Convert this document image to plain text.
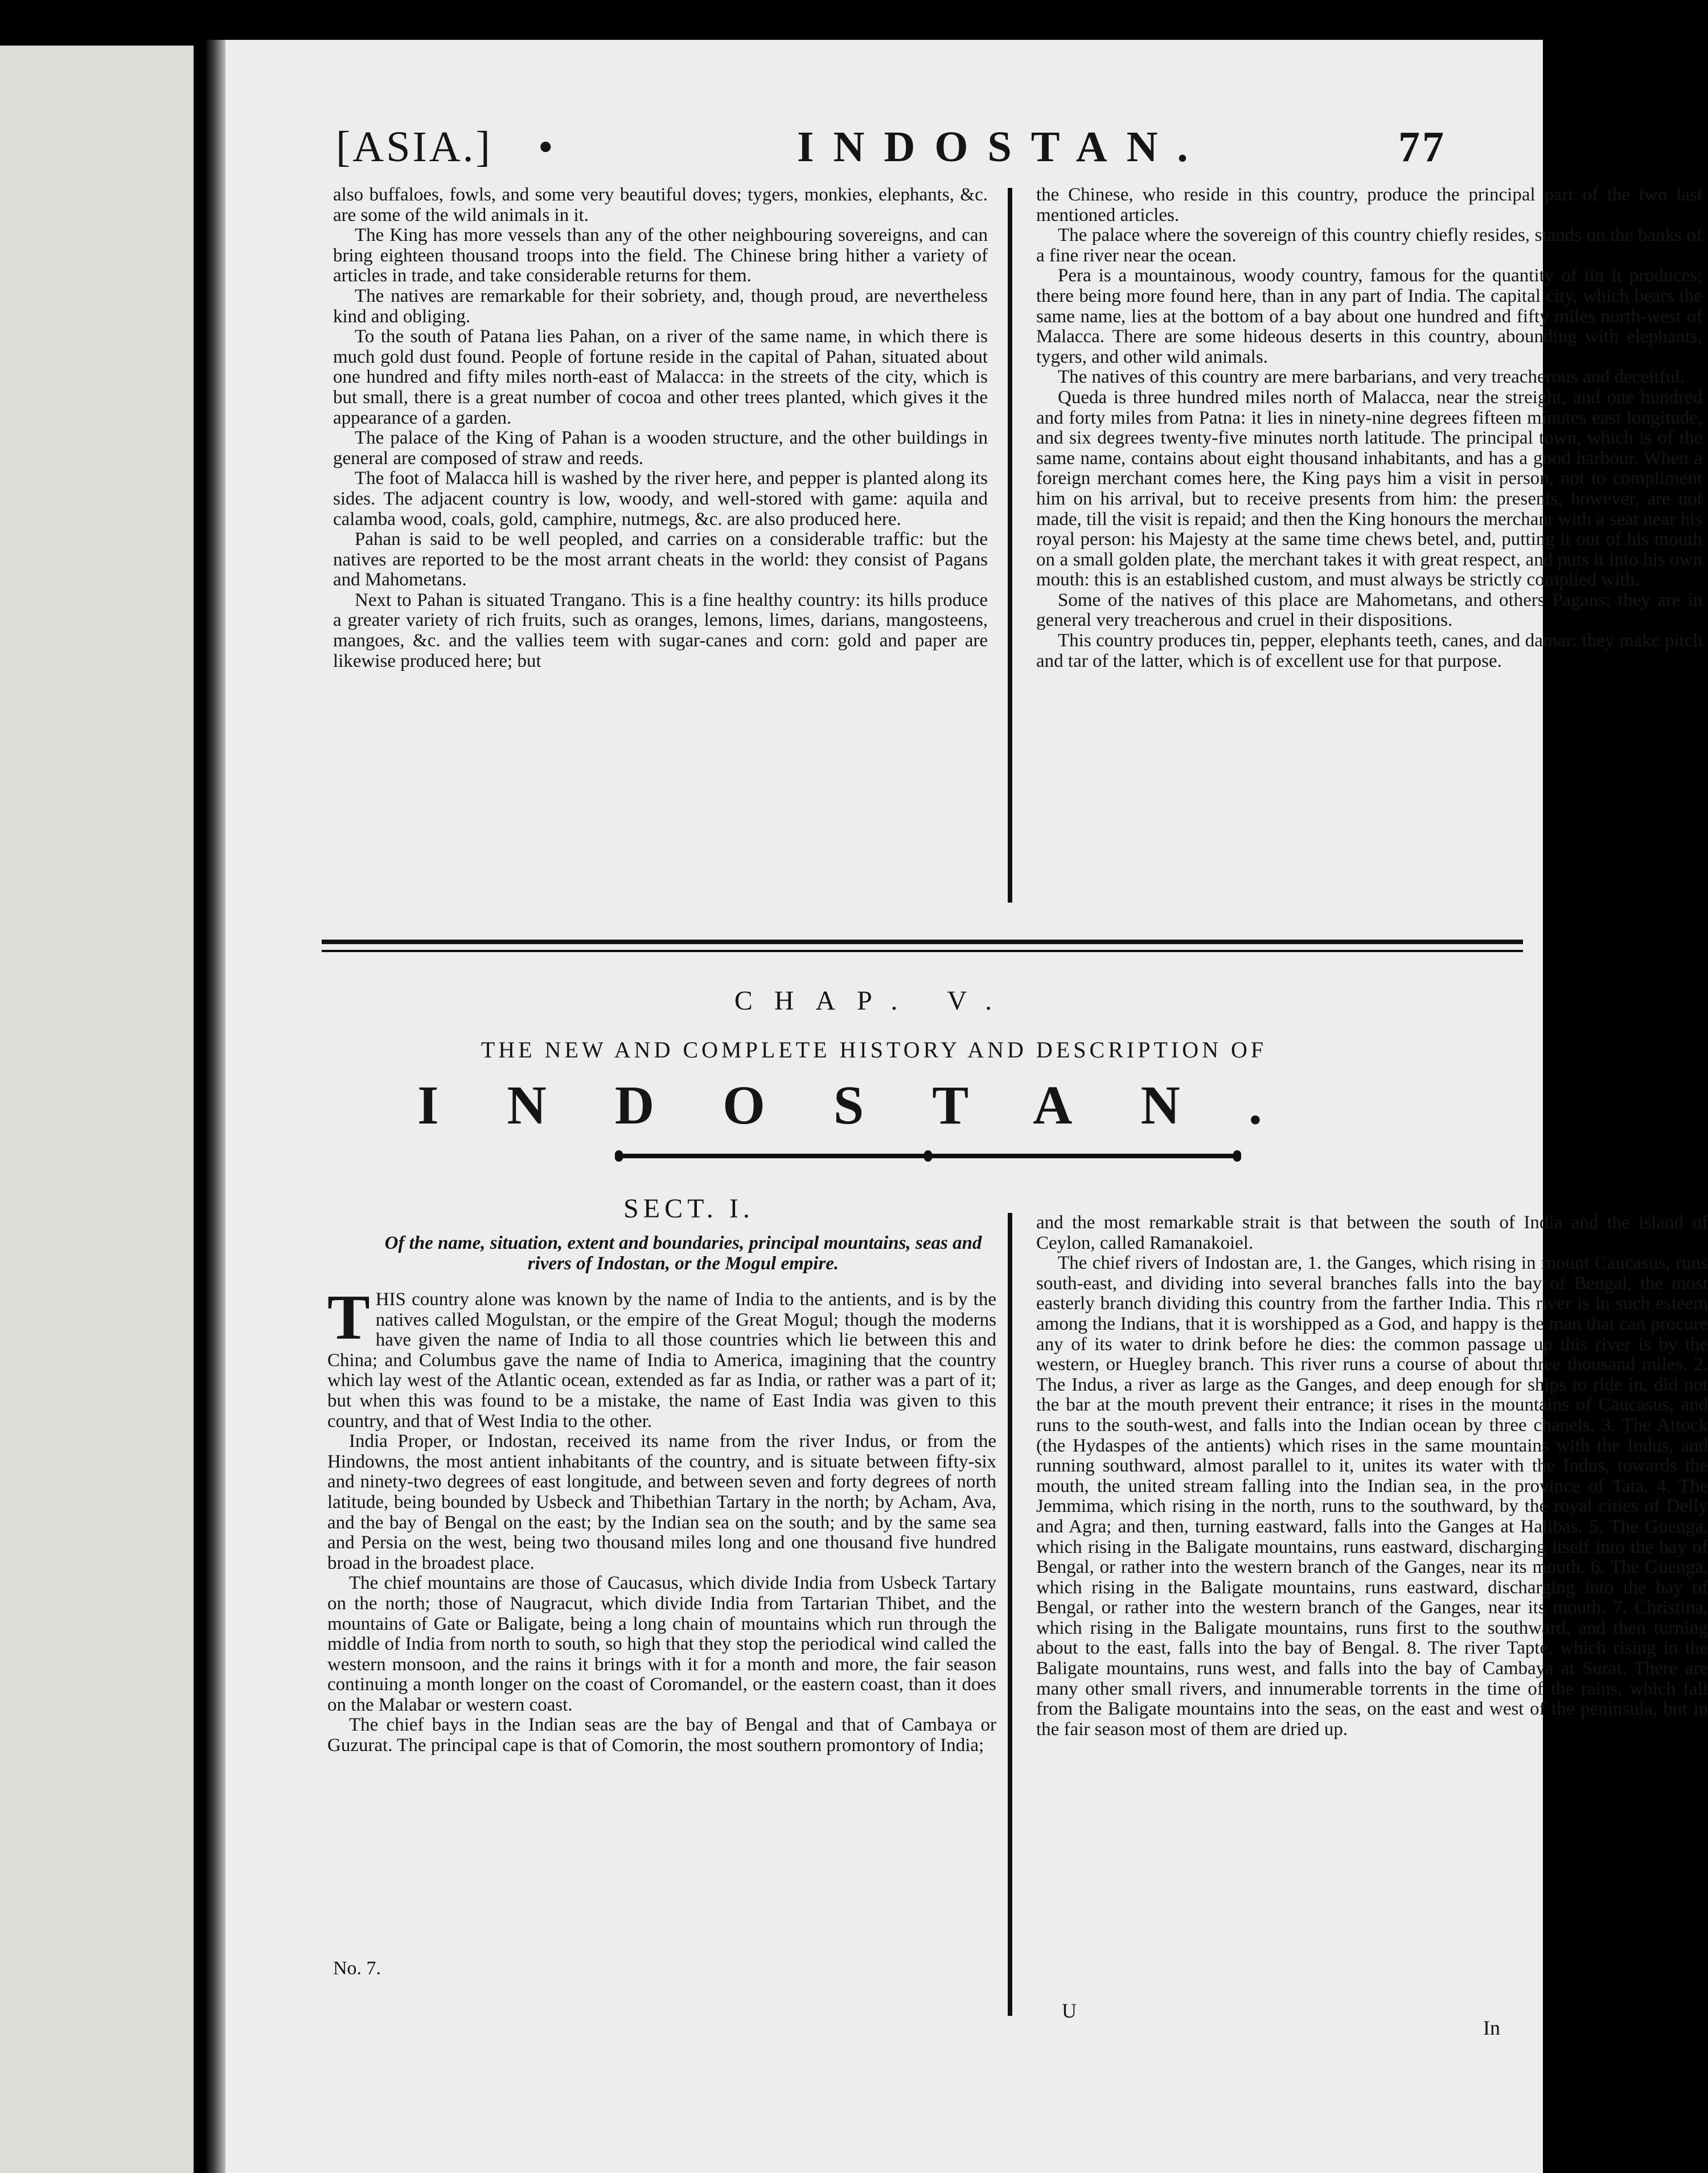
[ASIA.] •	INDOSTAN.	77

also buffaloes, fowls, and some very beautiful doves; tygers, monkies, elephants, &c. are some of the wild animals in it.

The King has more vessels than any of the other neighbouring sovereigns, and can bring eighteen thousand troops into the field. The Chinese bring hither a variety of articles in trade, and take considerable returns for them.

The natives are remarkable for their sobriety, and, though proud, are nevertheless kind and obliging.

To the south of Patana lies Pahan, on a river of the same name, in which there is much gold dust found. People of fortune reside in the capital of Pahan, situated about one hundred and fifty miles north-east of Malacca: in the streets of the city, which is but small, there is a great number of cocoa and other trees planted, which gives it the appearance of a garden.

The palace of the King of Pahan is a wooden structure, and the other buildings in general are composed of straw and reeds.

The foot of Malacca hill is washed by the river here, and pepper is planted along its sides. The adjacent country is low, woody, and well-stored with game: aquila and calamba wood, coals, gold, camphire, nutmegs, &c. are also produced here.

Pahan is said to be well peopled, and carries on a considerable traffic: but the natives are reported to be the most arrant cheats in the world: they consist of Pagans and Mahometans.

Next to Pahan is situated Trangano. This is a fine healthy country: its hills produce a greater variety of rich fruits, such as oranges, lemons, limes, darians, mangosteens, mangoes, &c. and the vallies teem with sugar-canes and corn: gold and paper are likewise produced here; but

the Chinese, who reside in this country, produce the principal part of the two last mentioned articles.

The palace where the sovereign of this country chiefly resides, stands on the banks of a fine river near the ocean.

Pera is a mountainous, woody country, famous for the quantity of tin it produces; there being more found here, than in any part of India. The capital city, which bears the same name, lies at the bottom of a bay about one hundred and fifty miles north-west of Malacca. There are some hideous deserts in this country, abounding with elephants, tygers, and other wild animals.

The natives of this country are mere barbarians, and very treacherous and deceitful.

Queda is three hundred miles north of Malacca, near the streight, and one hundred and forty miles from Patna: it lies in ninety-nine degrees fifteen minutes east longitude, and six degrees twenty-five minutes north latitude. The principal town, which is of the same name, contains about eight thousand inhabitants, and has a good harbour. When a foreign merchant comes here, the King pays him a visit in person, not to compliment him on his arrival, but to receive presents from him: the presents, however, are not made, till the visit is repaid; and then the King honours the merchant with a seat near his royal person: his Majesty at the same time chews betel, and, putting it out of his mouth on a small golden plate, the merchant takes it with great respect, and puts it into his own mouth: this is an established custom, and must always be strictly complied with.

Some of the natives of this place are Mahometans, and others Pagans; they are in general very treacherous and cruel in their dispositions.

This country produces tin, pepper, elephants teeth, canes, and damar: they make pitch and tar of the latter, which is of excellent use for that purpose.

CHAP. V.
THE NEW AND COMPLETE HISTORY AND DESCRIPTION OF
INDOSTAN.
SECT. I.
Of the name, situation, extent and boundaries, principal mountains, seas and rivers of Indostan, or the Mogul empire.

THIS country alone was known by the name of India to the antients, and is by the natives called Mogulstan, or the empire of the Great Mogul; though the moderns have given the name of India to all those countries which lie between this and China; and Columbus gave the name of India to America, imagining that the country which lay west of the Atlantic ocean, extended as far as India, or rather was a part of it; but when this was found to be a mistake, the name of East India was given to this country, and that of West India to the other.

India Proper, or Indostan, received its name from the river Indus, or from the Hindowns, the most antient inhabitants of the country, and is situate between fifty-six and ninety-two degrees of east longitude, and between seven and forty degrees of north latitude, being bounded by Usbeck and Thibethian Tartary in the north; by Acham, Ava, and the bay of Bengal on the east; by the Indian sea on the south; and by the same sea and Persia on the west, being two thousand miles long and one thousand five hundred broad in the broadest place.

The chief mountains are those of Caucasus, which divide India from Usbeck Tartary on the north; those of Naugracut, which divide India from Tartarian Thibet, and the mountains of Gate or Baligate, being a long chain of mountains which run through the middle of India from north to south, so high that they stop the periodical wind called the western monsoon, and the rains it brings with it for a month and more, the fair season continuing a month longer on the coast of Coromandel, or the eastern coast, than it does on the Malabar or western coast.

The chief bays in the Indian seas are the bay of Bengal and that of Cambaya or Guzurat. The principal cape is that of Comorin, the most southern promontory of India;

and the most remarkable strait is that between the south of India and the island of Ceylon, called Ramanakoiel.

The chief rivers of Indostan are, 1. the Ganges, which rising in mount Caucasus, runs south-east, and dividing into several branches falls into the bay of Bengal, the most easterly branch dividing this country from the farther India. This river is in such esteem among the Indians, that it is worshipped as a God, and happy is the man that can procure any of its water to drink before he dies: the common passage up this river is by the western, or Huegley branch. This river runs a course of about three thousand miles. 2. The Indus, a river as large as the Ganges, and deep enough for ships to ride in, did not the bar at the mouth prevent their entrance; it rises in the mountains of Caucasus, and runs to the south-west, and falls into the Indian ocean by three chanels. 3. The Attock (the Hydaspes of the antients) which rises in the same mountains with the Indus, and running southward, almost parallel to it, unites its water with the Indus, towards the mouth, the united stream falling into the Indian sea, in the province of Tata. 4. The Jemmima, which rising in the north, runs to the southward, by the royal cities of Delly and Agra; and then, turning eastward, falls into the Ganges at Halibas. 5. The Guenga, which rising in the Baligate mountains, runs eastward, discharging itself into the bay of Bengal, or rather into the western branch of the Ganges, near its mouth. 6. The Guenga, which rising in the Baligate mountains, runs eastward, discharging into the bay of Bengal, or rather into the western branch of the Ganges, near its mouth. 7. Christina, which rising in the Baligate mountains, runs first to the southward, and then turning about to the east, falls into the bay of Bengal. 8. The river Tapte, which rising in the Baligate mountains, runs west, and falls into the bay of Cambaya at Surat. There are many other small rivers, and innumerable torrents in the time of the rains, which fall from the Baligate mountains into the seas, on the east and west of the peninsula, but in the fair season most of them are dried up.

No. 7.
U
In
